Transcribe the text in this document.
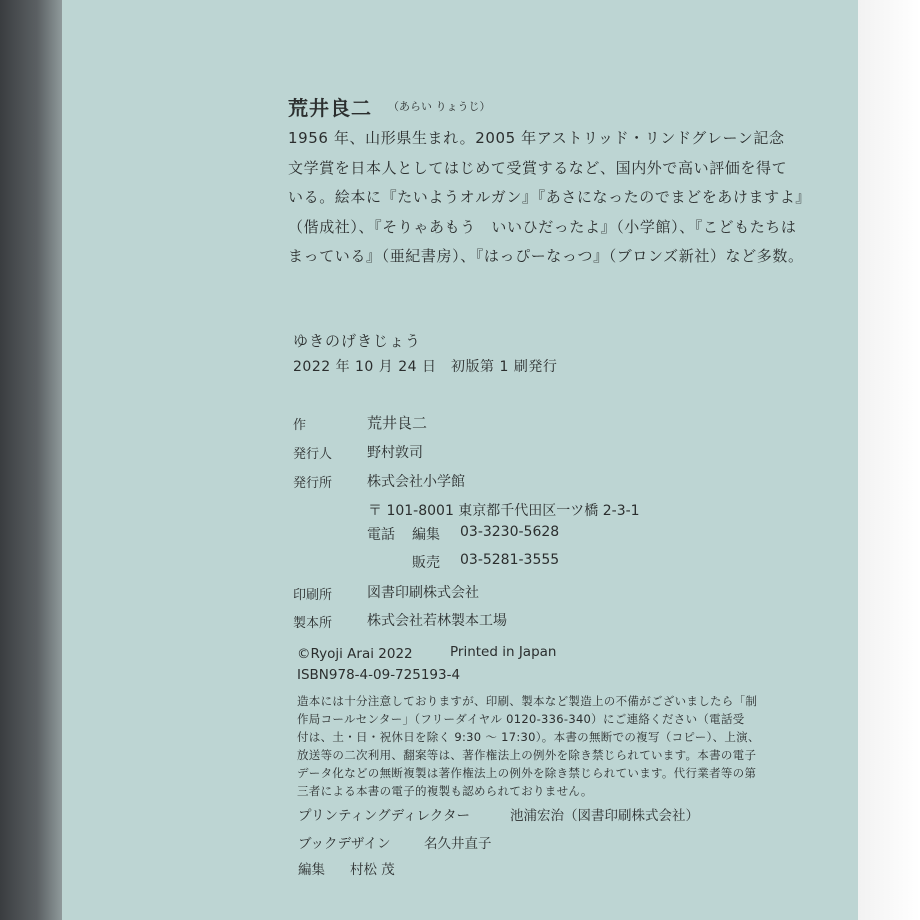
荒井良二 （あらい りょうじ）
1956 年、山形県生まれ。2005 年アストリッド・リンドグレーン記念
文学賞を日本人としてはじめて受賞するなど、国内外で高い評価を得て
いる。絵本に『たいようオルガン』『あさになったのでまどをあけますよ』
（偕成社）、『そりゃあもう　いいひだったよ』（小学館）、『こどもたちは
まっている』（亜紀書房）、『はっぴーなっつ』（ブロンズ新社）など多数。
ゆきのげきじょう
2022 年 10 月 24 日　初版第 1 刷発行
作	荒井良二
発行人 野村敦司
発行所 株式会社小学館
〒 101-8001 東京都千代田区一ツ橋 2-3-1
電話 編集 03-3230-5628
販売 03-5281-3555
印刷所 図書印刷株式会社
製本所 株式会社若林製本工場
©Ryoji Arai 2022	Printed in Japan
ISBN978-4-09-725193-4
造本には十分注意しておりますが、印刷、製本など製造上の不備がございましたら「制
作局コールセンター」（フリーダイヤル 0120-336-340）にご連絡ください（電話受
付は、土・日・祝休日を除く 9:30 ～ 17:30）。本書の無断での複写（コピー）、上演、
放送等の二次利用、翻案等は、著作権法上の例外を除き禁じられています。本書の電子
データ化などの無断複製は著作権法上の例外を除き禁じられています。代行業者等の第
三者による本書の電子的複製も認められておりません。
プリンティングディレクター	池浦宏治（図書印刷株式会社）
ブックデザイン 名久井直子
編集 村松 茂
